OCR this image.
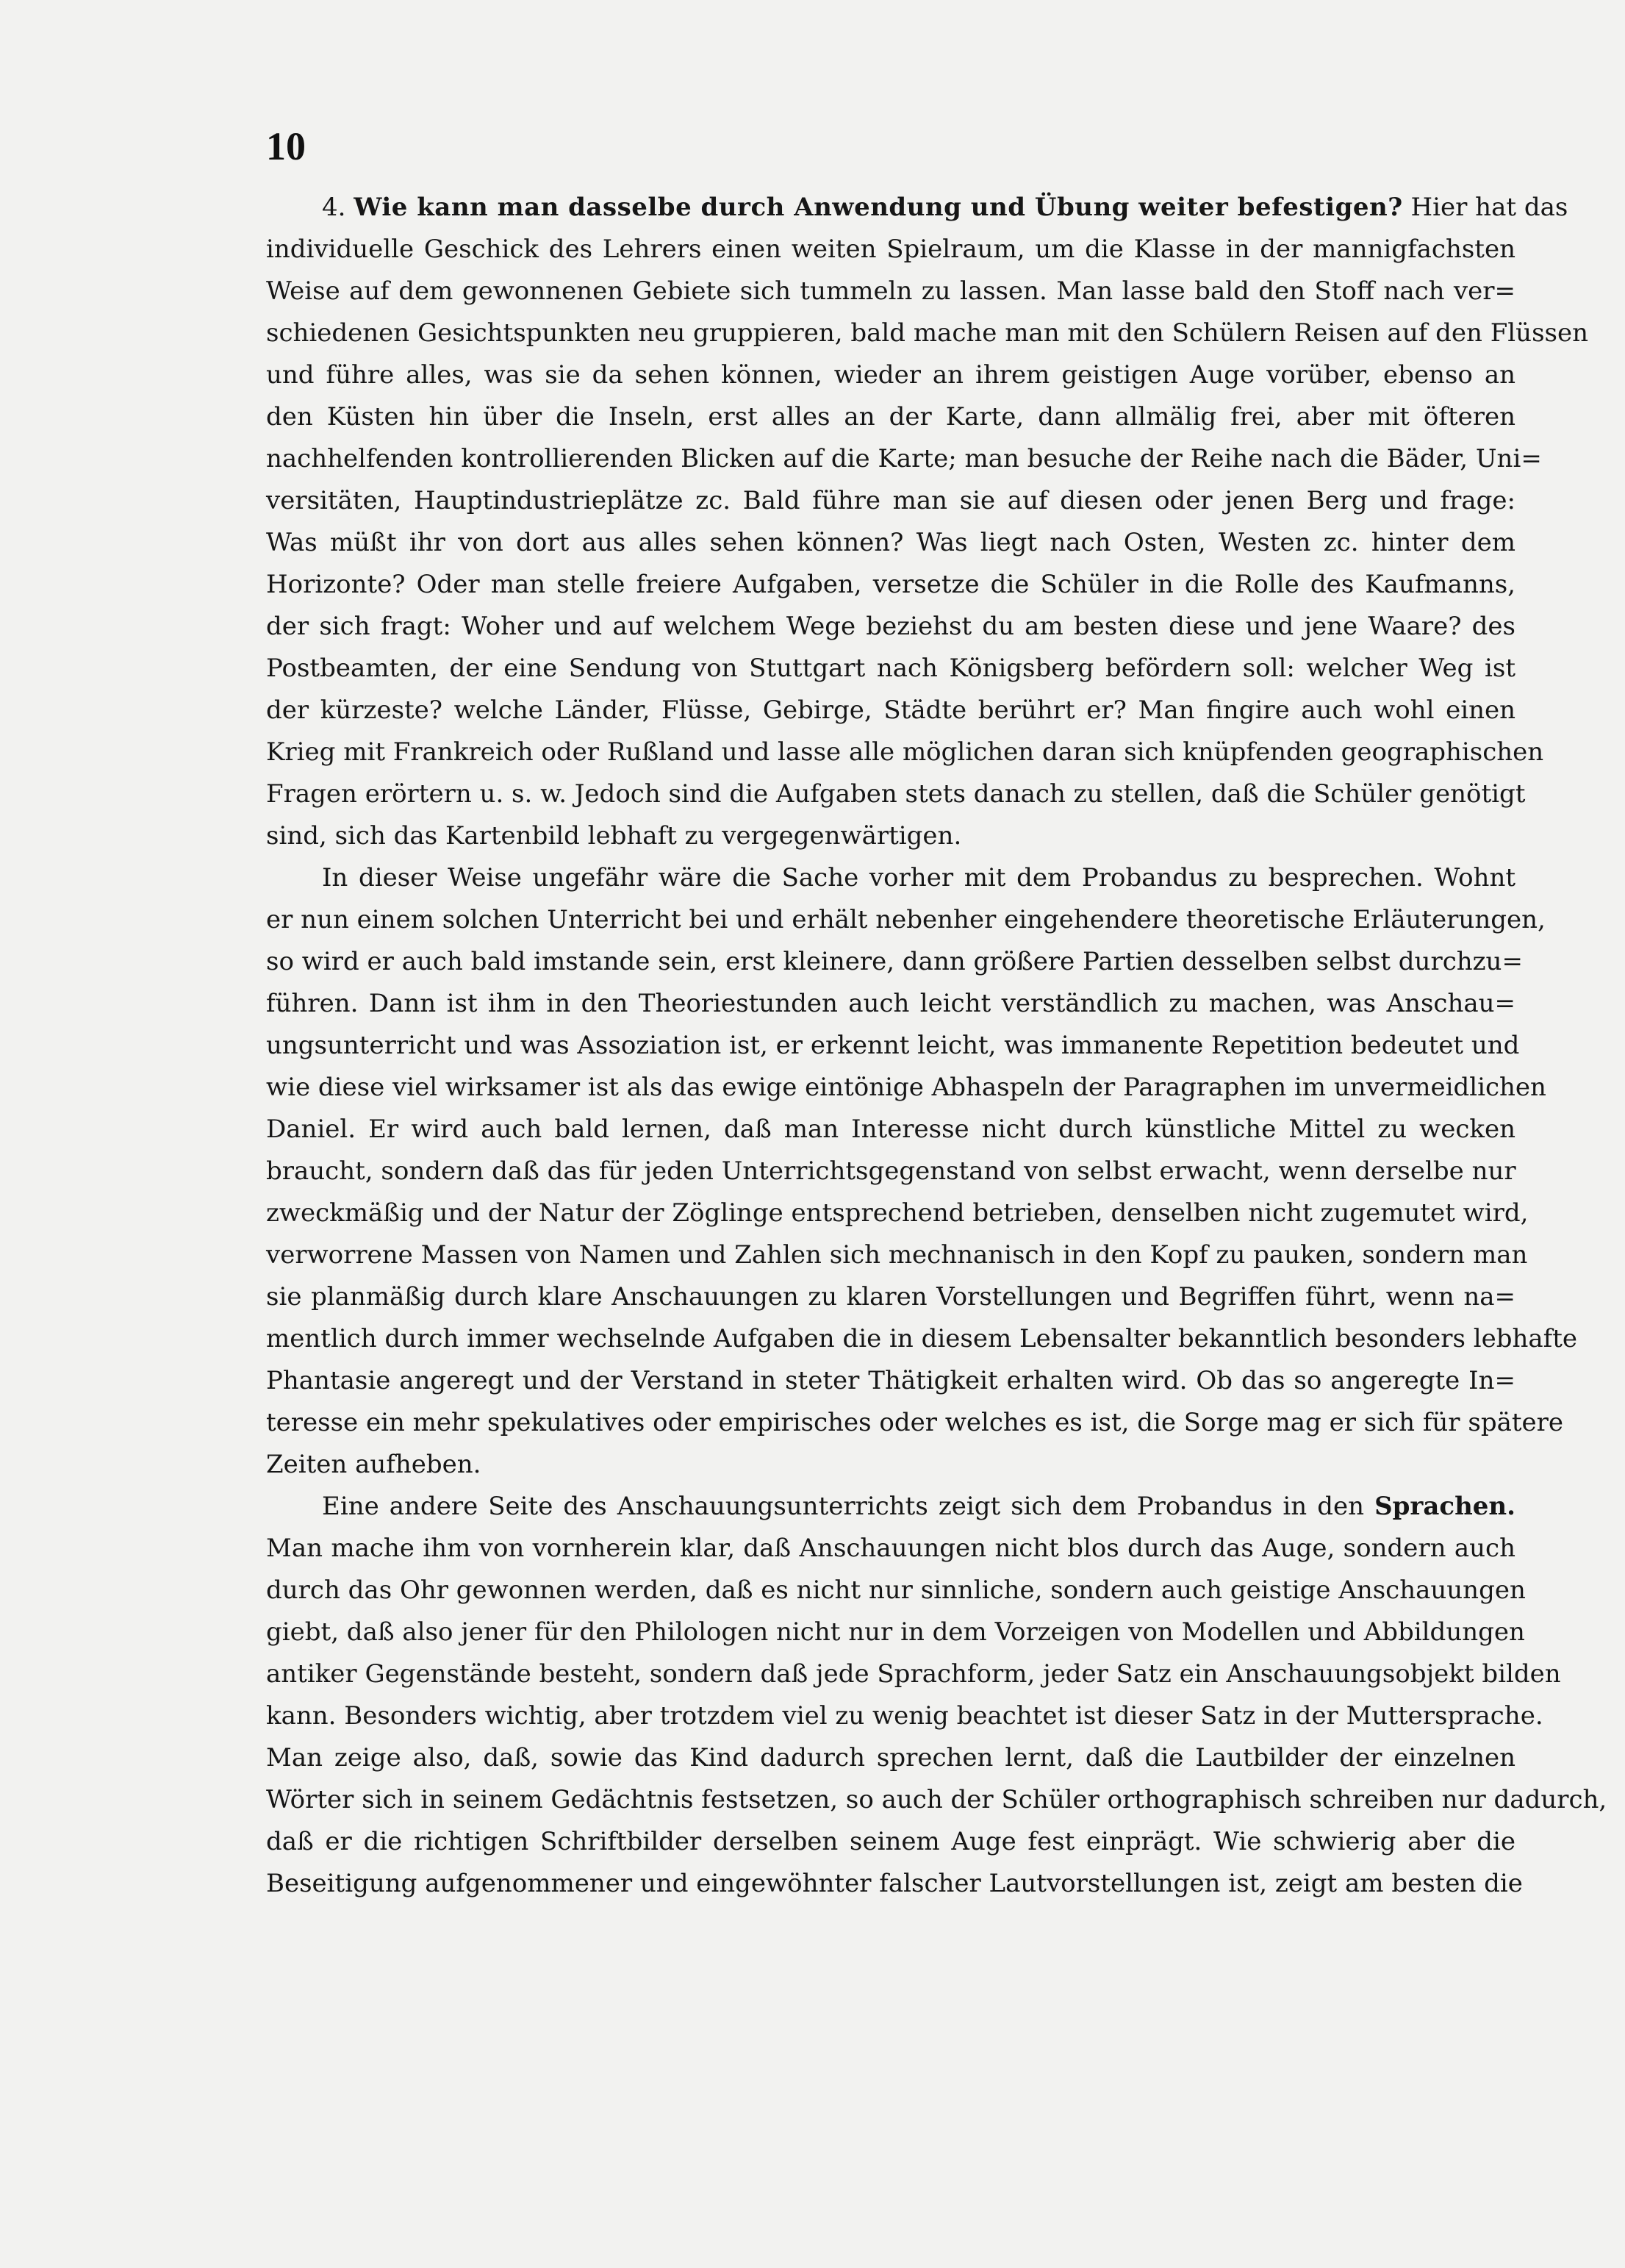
10
4. Wie kann man dasselbe durch Anwendung und Übung weiter befestigen? Hier hat das
individuelle Geschick des Lehrers einen weiten Spielraum, um die Klasse in der mannigfachsten
Weise auf dem gewonnenen Gebiete sich tummeln zu lassen. Man lasse bald den Stoff nach ver=
schiedenen Gesichtspunkten neu gruppieren, bald mache man mit den Schülern Reisen auf den Flüssen
und führe alles, was sie da sehen können, wieder an ihrem geistigen Auge vorüber, ebenso an
den Küsten hin über die Inseln, erst alles an der Karte, dann allmälig frei, aber mit öfteren
nachhelfenden kontrollierenden Blicken auf die Karte; man besuche der Reihe nach die Bäder, Uni=
versitäten, Hauptindustrieplätze zc. Bald führe man sie auf diesen oder jenen Berg und frage:
Was müßt ihr von dort aus alles sehen können? Was liegt nach Osten, Westen zc. hinter dem
Horizonte? Oder man stelle freiere Aufgaben, versetze die Schüler in die Rolle des Kaufmanns,
der sich fragt: Woher und auf welchem Wege beziehst du am besten diese und jene Waare? des
Postbeamten, der eine Sendung von Stuttgart nach Königsberg befördern soll: welcher Weg ist
der kürzeste? welche Länder, Flüsse, Gebirge, Städte berührt er? Man fingire auch wohl einen
Krieg mit Frankreich oder Rußland und lasse alle möglichen daran sich knüpfenden geographischen
Fragen erörtern u. s. w. Jedoch sind die Aufgaben stets danach zu stellen, daß die Schüler genötigt
sind, sich das Kartenbild lebhaft zu vergegenwärtigen.
In dieser Weise ungefähr wäre die Sache vorher mit dem Probandus zu besprechen. Wohnt
er nun einem solchen Unterricht bei und erhält nebenher eingehendere theoretische Erläuterungen,
so wird er auch bald imstande sein, erst kleinere, dann größere Partien desselben selbst durchzu=
führen. Dann ist ihm in den Theoriestunden auch leicht verständlich zu machen, was Anschau=
ungsunterricht und was Assoziation ist, er erkennt leicht, was immanente Repetition bedeutet und
wie diese viel wirksamer ist als das ewige eintönige Abhaspeln der Paragraphen im unvermeidlichen
Daniel. Er wird auch bald lernen, daß man Interesse nicht durch künstliche Mittel zu wecken
braucht, sondern daß das für jeden Unterrichtsgegenstand von selbst erwacht, wenn derselbe nur
zweckmäßig und der Natur der Zöglinge entsprechend betrieben, denselben nicht zugemutet wird,
verworrene Massen von Namen und Zahlen sich mechnanisch in den Kopf zu pauken, sondern man
sie planmäßig durch klare Anschauungen zu klaren Vorstellungen und Begriffen führt, wenn na=
mentlich durch immer wechselnde Aufgaben die in diesem Lebensalter bekanntlich besonders lebhafte
Phantasie angeregt und der Verstand in steter Thätigkeit erhalten wird. Ob das so angeregte In=
teresse ein mehr spekulatives oder empirisches oder welches es ist, die Sorge mag er sich für spätere
Zeiten aufheben.
Eine andere Seite des Anschauungsunterrichts zeigt sich dem Probandus in den Sprachen.
Man mache ihm von vornherein klar, daß Anschauungen nicht blos durch das Auge, sondern auch
durch das Ohr gewonnen werden, daß es nicht nur sinnliche, sondern auch geistige Anschauungen
giebt, daß also jener für den Philologen nicht nur in dem Vorzeigen von Modellen und Abbildungen
antiker Gegenstände besteht, sondern daß jede Sprachform, jeder Satz ein Anschauungsobjekt bilden
kann. Besonders wichtig, aber trotzdem viel zu wenig beachtet ist dieser Satz in der Muttersprache.
Man zeige also, daß, sowie das Kind dadurch sprechen lernt, daß die Lautbilder der einzelnen
Wörter sich in seinem Gedächtnis festsetzen, so auch der Schüler orthographisch schreiben nur dadurch,
daß er die richtigen Schriftbilder derselben seinem Auge fest einprägt. Wie schwierig aber die
Beseitigung aufgenommener und eingewöhnter falscher Lautvorstellungen ist, zeigt am besten die
